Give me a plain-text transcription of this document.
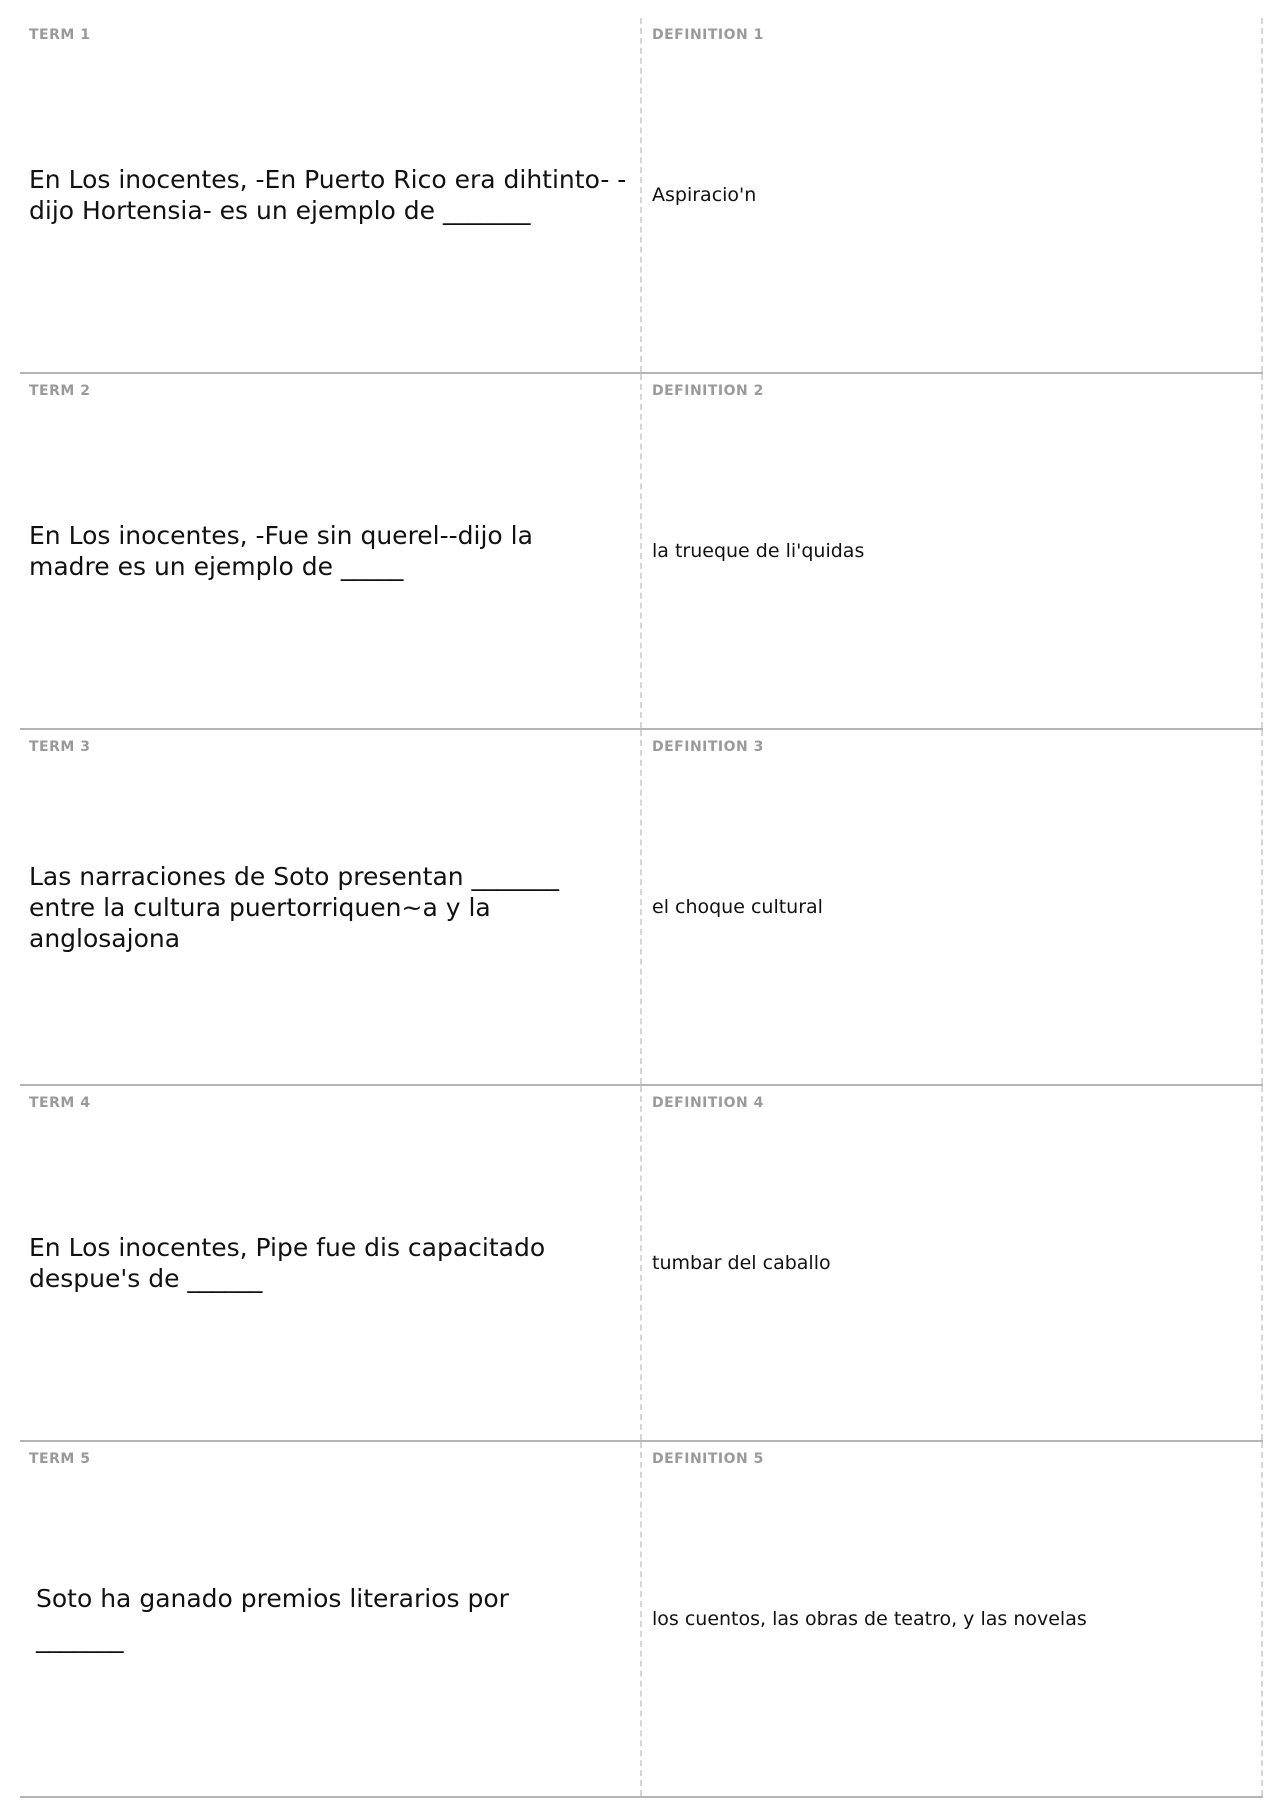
TERM 1
En Los inocentes, -En Puerto Rico era dihtinto- -dijo Hortensia- es un ejemplo de _______
DEFINITION 1
Aspiracio'n
TERM 2
En Los inocentes, -Fue sin querel--dijo la madre es un ejemplo de _____
DEFINITION 2
la trueque de li'quidas
TERM 3
Las narraciones de Soto presentan _______ entre la cultura puertorriquen~a y la anglosajona
DEFINITION 3
el choque cultural
TERM 4
En Los inocentes, Pipe fue dis capacitado despue's de ______
DEFINITION 4
tumbar del caballo
TERM 5
Soto ha ganado premios literarios por _______
DEFINITION 5
los cuentos, las obras de teatro, y las novelas
